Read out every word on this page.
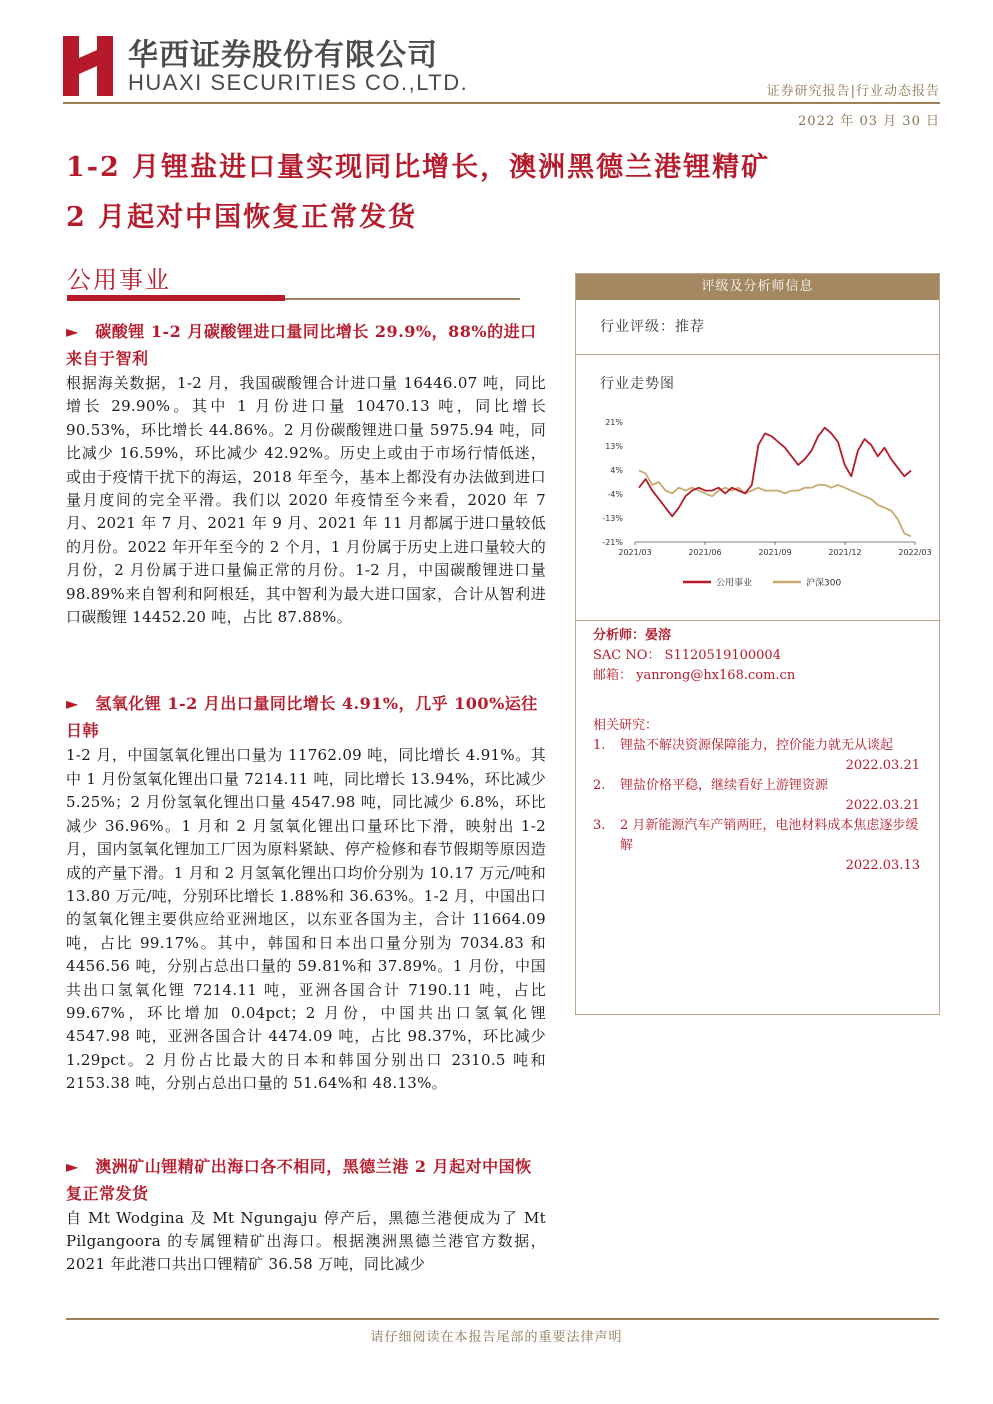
华西证券股份有限公司
HUAXI SECURITIES CO.,LTD.	证券研究报告|行业动态报告
2022 年 03 月 30 日
1-2 月锂盐进口量实现同比增长，澳洲黑德兰港锂精矿
2 月起对中国恢复正常发货
公用事业
►　碳酸锂 1-2 月碳酸锂进口量同比增长 29.9%，88%的进口来自于智利

根据海关数据，1-2 月，我国碳酸锂合计进口量 16446.07 吨，同比增长 29.90%。其中 1 月份进口量 10470.13 吨，同比增长 90.53%，环比增长 44.86%。2 月份碳酸锂进口量 5975.94 吨，同比减少 16.59%，环比减少 42.92%。历史上或由于市场行情低迷，或由于疫情干扰下的海运，2018 年至今，基本上都没有办法做到进口量月度间的完全平滑。我们以 2020 年疫情至今来看，2020 年 7 月、2021 年 7 月、2021 年 9 月、2021 年 11 月都属于进口量较低的月份。2022 年开年至今的 2 个月，1 月份属于历史上进口量较大的月份，2 月份属于进口量偏正常的月份。1-2 月，中国碳酸锂进口量 98.89%来自智利和阿根廷，其中智利为最大进口国家，合计从智利进口碳酸锂 14452.20 吨，占比 87.88%。

►　氢氧化锂 1-2 月出口量同比增长 4.91%，几乎 100%运往日韩

1-2 月，中国氢氧化锂出口量为 11762.09 吨，同比增长 4.91%。其中 1 月份氢氧化锂出口量 7214.11 吨，同比增长 13.94%，环比减少 5.25%；2 月份氢氧化锂出口量 4547.98 吨，同比减少 6.8%，环比减少 36.96%。1 月和 2 月氢氧化锂出口量环比下滑，映射出 1-2 月，国内氢氧化锂加工厂因为原料紧缺、停产检修和春节假期等原因造成的产量下滑。1 月和 2 月氢氧化锂出口均价分别为 10.17 万元/吨和 13.80 万元/吨，分别环比增长 1.88%和 36.63%。1-2 月，中国出口的氢氧化锂主要供应给亚洲地区，以东亚各国为主，合计 11664.09 吨，占比 99.17%。其中，韩国和日本出口量分别为 7034.83 和 4456.56 吨，分别占总出口量的 59.81%和 37.89%。1 月份，中国共出口氢氧化锂 7214.11 吨，亚洲各国合计 7190.11 吨，占比 99.67%，环比增加 0.04pct；2 月份，中国共出口氢氧化锂 4547.98 吨，亚洲各国合计 4474.09 吨，占比 98.37%，环比减少 1.29pct。2 月份占比最大的日本和韩国分别出口 2310.5 吨和 2153.38 吨，分别占总出口量的 51.64%和 48.13%。

►　澳洲矿山锂精矿出海口各不相同，黑德兰港 2 月起对中国恢复正常发货

自 Mt Wodgina 及 Mt Ngungaju 停产后，黑德兰港便成为了 Mt Pilgangoora 的专属锂精矿出海口。根据澳洲黑德兰港官方数据，2021 年此港口共出口锂精矿 36.58 万吨，同比减少

评级及分析师信息
行业评级：推荐
行业走势图
21%
13%
4%
-4%
-13%
-21%
2021/03	2021/06	2021/09	2021/12	2022/03
公用事业	沪深300
分析师：晏溶
SAC NO： S1120519100004
邮箱： yanrong@hx168.com.cn
相关研究：
1. 锂盐不解决资源保障能力，控价能力就无从谈起
2022.03.21
2. 锂盐价格平稳，继续看好上游锂资源
2022.03.21
3. 2 月新能源汽车产销两旺，电池材料成本焦虑逐步缓解
2022.03.13
请仔细阅读在本报告尾部的重要法律声明
